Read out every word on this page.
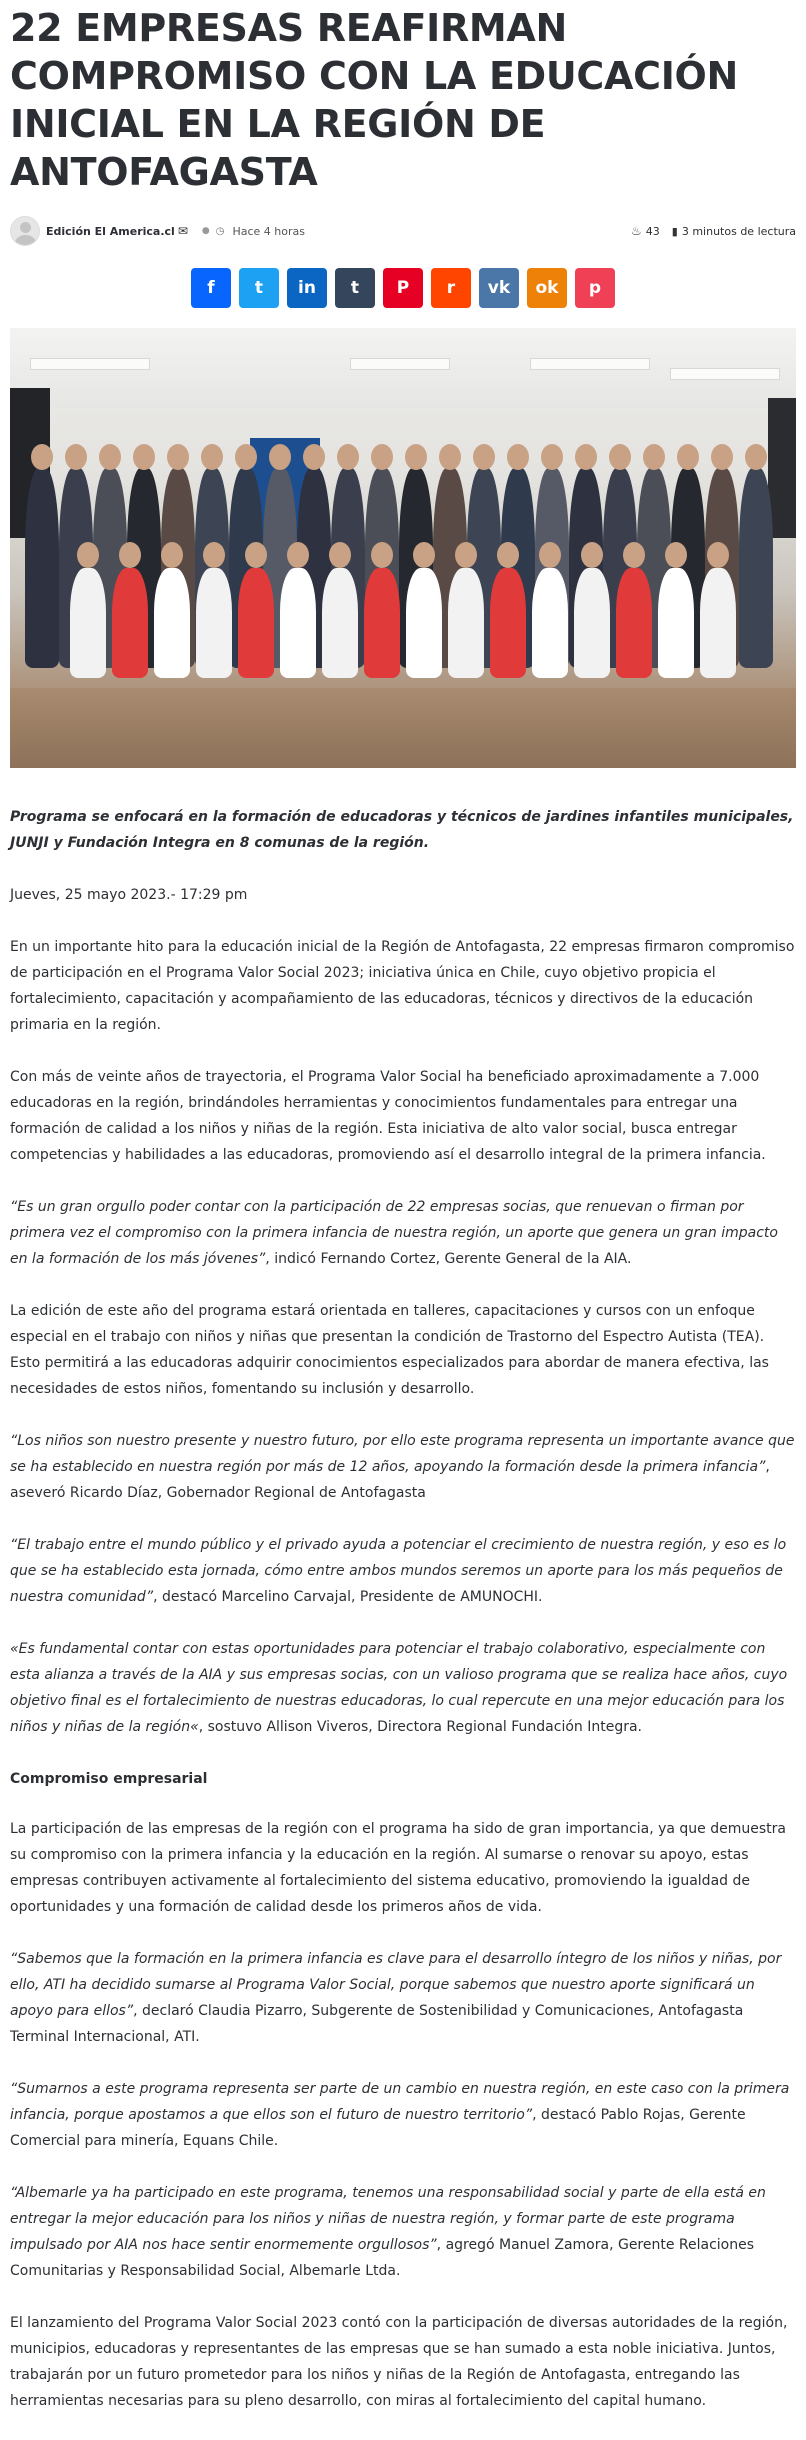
22 EMPRESAS REAFIRMAN COMPROMISO CON LA EDUCACIÓN INICIAL EN LA REGIÓN DE ANTOFAGASTA
Edición El America.cl ✉ ● ◷ Hace 4 horas	♨ 43 ▮ 3 minutos de lectura
f t in t P r vk ok p

Programa se enfocará en la formación de educadoras y técnicos de jardines infantiles municipales, JUNJI y Fundación Integra en 8 comunas de la región.

Jueves, 25 mayo 2023.- 17:29 pm

En un importante hito para la educación inicial de la Región de Antofagasta, 22 empresas firmaron compromiso de participación en el Programa Valor Social 2023; iniciativa única en Chile, cuyo objetivo propicia el fortalecimiento, capacitación y acompañamiento de las educadoras, técnicos y directivos de la educación primaria en la región.

Con más de veinte años de trayectoria, el Programa Valor Social ha beneficiado aproximadamente a 7.000 educadoras en la región, brindándoles herramientas y conocimientos fundamentales para entregar una formación de calidad a los niños y niñas de la región. Esta iniciativa de alto valor social, busca entregar competencias y habilidades a las educadoras, promoviendo así el desarrollo integral de la primera infancia.

“Es un gran orgullo poder contar con la participación de 22 empresas socias, que renuevan o firman por primera vez el compromiso con la primera infancia de nuestra región, un aporte que genera un gran impacto en la formación de los más jóvenes”, indicó Fernando Cortez, Gerente General de la AIA.

La edición de este año del programa estará orientada en talleres, capacitaciones y cursos con un enfoque especial en el trabajo con niños y niñas que presentan la condición de Trastorno del Espectro Autista (TEA). Esto permitirá a las educadoras adquirir conocimientos especializados para abordar de manera efectiva, las necesidades de estos niños, fomentando su inclusión y desarrollo.

“Los niños son nuestro presente y nuestro futuro, por ello este programa representa un importante avance que se ha establecido en nuestra región por más de 12 años, apoyando la formación desde la primera infancia”, aseveró Ricardo Díaz, Gobernador Regional de Antofagasta

“El trabajo entre el mundo público y el privado ayuda a potenciar el crecimiento de nuestra región, y eso es lo que se ha establecido esta jornada, cómo entre ambos mundos seremos un aporte para los más pequeños de nuestra comunidad”, destacó Marcelino Carvajal, Presidente de AMUNOCHI.

«Es fundamental contar con estas oportunidades para potenciar el trabajo colaborativo, especialmente con esta alianza a través de la AIA y sus empresas socias, con un valioso programa que se realiza hace años, cuyo objetivo final es el fortalecimiento de nuestras educadoras, lo cual repercute en una mejor educación para los niños y niñas de la región«, sostuvo Allison Viveros, Directora Regional Fundación Integra.

Compromiso empresarial

La participación de las empresas de la región con el programa ha sido de gran importancia, ya que demuestra su compromiso con la primera infancia y la educación en la región. Al sumarse o renovar su apoyo, estas empresas contribuyen activamente al fortalecimiento del sistema educativo, promoviendo la igualdad de oportunidades y una formación de calidad desde los primeros años de vida.

“Sabemos que la formación en la primera infancia es clave para el desarrollo íntegro de los niños y niñas, por ello, ATI ha decidido sumarse al Programa Valor Social, porque sabemos que nuestro aporte significará un apoyo para ellos”, declaró Claudia Pizarro, Subgerente de Sostenibilidad y Comunicaciones, Antofagasta Terminal Internacional, ATI.

“Sumarnos a este programa representa ser parte de un cambio en nuestra región, en este caso con la primera infancia, porque apostamos a que ellos son el futuro de nuestro territorio”, destacó Pablo Rojas, Gerente Comercial para minería, Equans Chile.

“Albemarle ya ha participado en este programa, tenemos una responsabilidad social y parte de ella está en entregar la mejor educación para los niños y niñas de nuestra región, y formar parte de este programa impulsado por AIA nos hace sentir enormemente orgullosos”, agregó Manuel Zamora, Gerente Relaciones Comunitarias y Responsabilidad Social, Albemarle Ltda.

El lanzamiento del Programa Valor Social 2023 contó con la participación de diversas autoridades de la región, municipios, educadoras y representantes de las empresas que se han sumado a esta noble iniciativa. Juntos, trabajarán por un futuro prometedor para los niños y niñas de la Región de Antofagasta, entregando las herramientas necesarias para su pleno desarrollo, con miras al fortalecimiento del capital humano.
